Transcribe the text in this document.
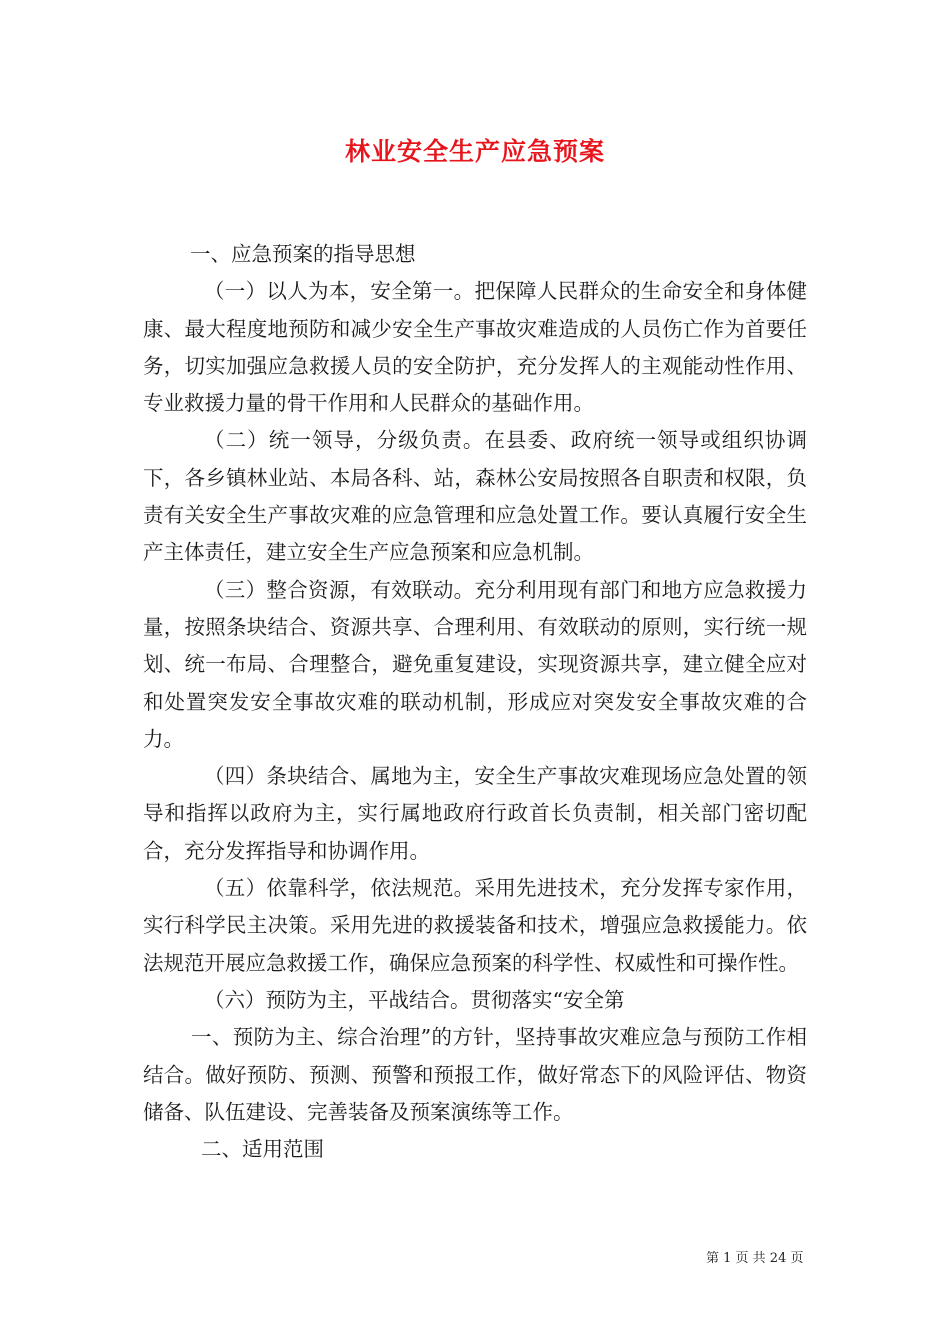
林业安全生产应急预案

一、应急预案的指导思想

（一）以人为本，安全第一。把保障人民群众的生命安全和身体健康、最大程度地预防和减少安全生产事故灾难造成的人员伤亡作为首要任务，切实加强应急救援人员的安全防护，充分发挥人的主观能动性作用、专业救援力量的骨干作用和人民群众的基础作用。

（二）统一领导，分级负责。在县委、政府统一领导或组织协调下，各乡镇林业站、本局各科、站，森林公安局按照各自职责和权限，负责有关安全生产事故灾难的应急管理和应急处置工作。要认真履行安全生产主体责任，建立安全生产应急预案和应急机制。

（三）整合资源，有效联动。充分利用现有部门和地方应急救援力量，按照条块结合、资源共享、合理利用、有效联动的原则，实行统一规划、统一布局、合理整合，避免重复建设，实现资源共享，建立健全应对和处置突发安全事故灾难的联动机制，形成应对突发安全事故灾难的合力。

（四）条块结合、属地为主，安全生产事故灾难现场应急处置的领导和指挥以政府为主，实行属地政府行政首长负责制，相关部门密切配合，充分发挥指导和协调作用。

（五）依靠科学，依法规范。采用先进技术，充分发挥专家作用，实行科学民主决策。采用先进的救援装备和技术，增强应急救援能力。依法规范开展应急救援工作，确保应急预案的科学性、权威性和可操作性。

（六）预防为主，平战结合。贯彻落实“安全第

一、预防为主、综合治理”的方针，坚持事故灾难应急与预防工作相结合。做好预防、预测、预警和预报工作，做好常态下的风险评估、物资储备、队伍建设、完善装备及预案演练等工作。

二、适用范围

第 1 页 共 24 页
